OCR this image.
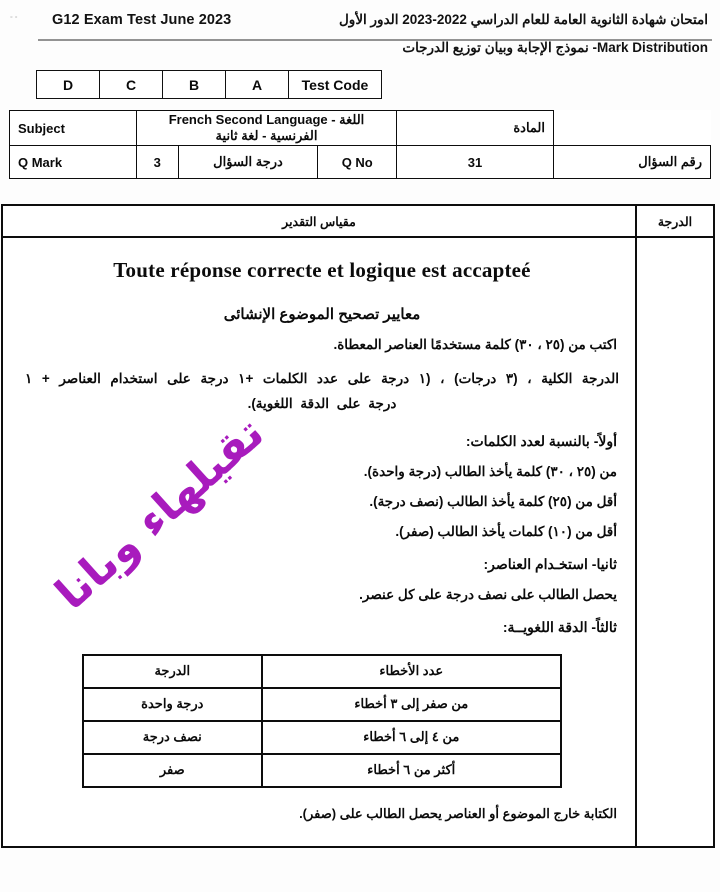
°° G12 Exam Test June 2023	امتحان شهادة الثانوية العامة للعام الدراسي 2022-2023 الدور الأول
Mark Distribution- نموذج الإجابة وبيان توزيع الدرجات
D	C	B	A	Test Code
Subject	French Second Language - اللغة الفرنسية - لغة ثانية			المادة	
Q Mark	3	درجة السؤال	Q No	31	رقم السؤال
مقياس التقدير	الدرجة
Toute réponse correcte et logique est accapteé
معايير تصحيح الموضوع الإنشائى
اكتب من (٢٥ ، ٣٠) كلمة مستخدمًا العناصر المعطاة.
الدرجة الكلية ، (٣ درجات) ، (١ درجة على عدد الكلمات +١ درجة على استخدام العناصر + ١ درجة على الدقة اللغوية).
أولاً- بالنسبة لعدد الكلمات:
من (٢٥ ، ٣٠) كلمة يأخذ الطالب (درجة واحدة).
أقل من (٢٥) كلمة يأخذ الطالب (نصف درجة).
أقل من (١٠) كلمات يأخذ الطالب (صفر).
ثانيا- استخـدام العناصر:
يحصل الطالب على نصف درجة على كل عنصر.
ثالثاً- الدقة اللغويــة:
عدد الأخطاء	الدرجة
من صفر إلى ٣ أخطاء	درجة واحدة
من ٤ إلى ٦ أخطاء	نصف درجة
أكثر من ٦ أخطاء	صفر
الكتابة خارج الموضوع أو العناصر يحصل الطالب على (صفر).
تقيلهاء وبانا
